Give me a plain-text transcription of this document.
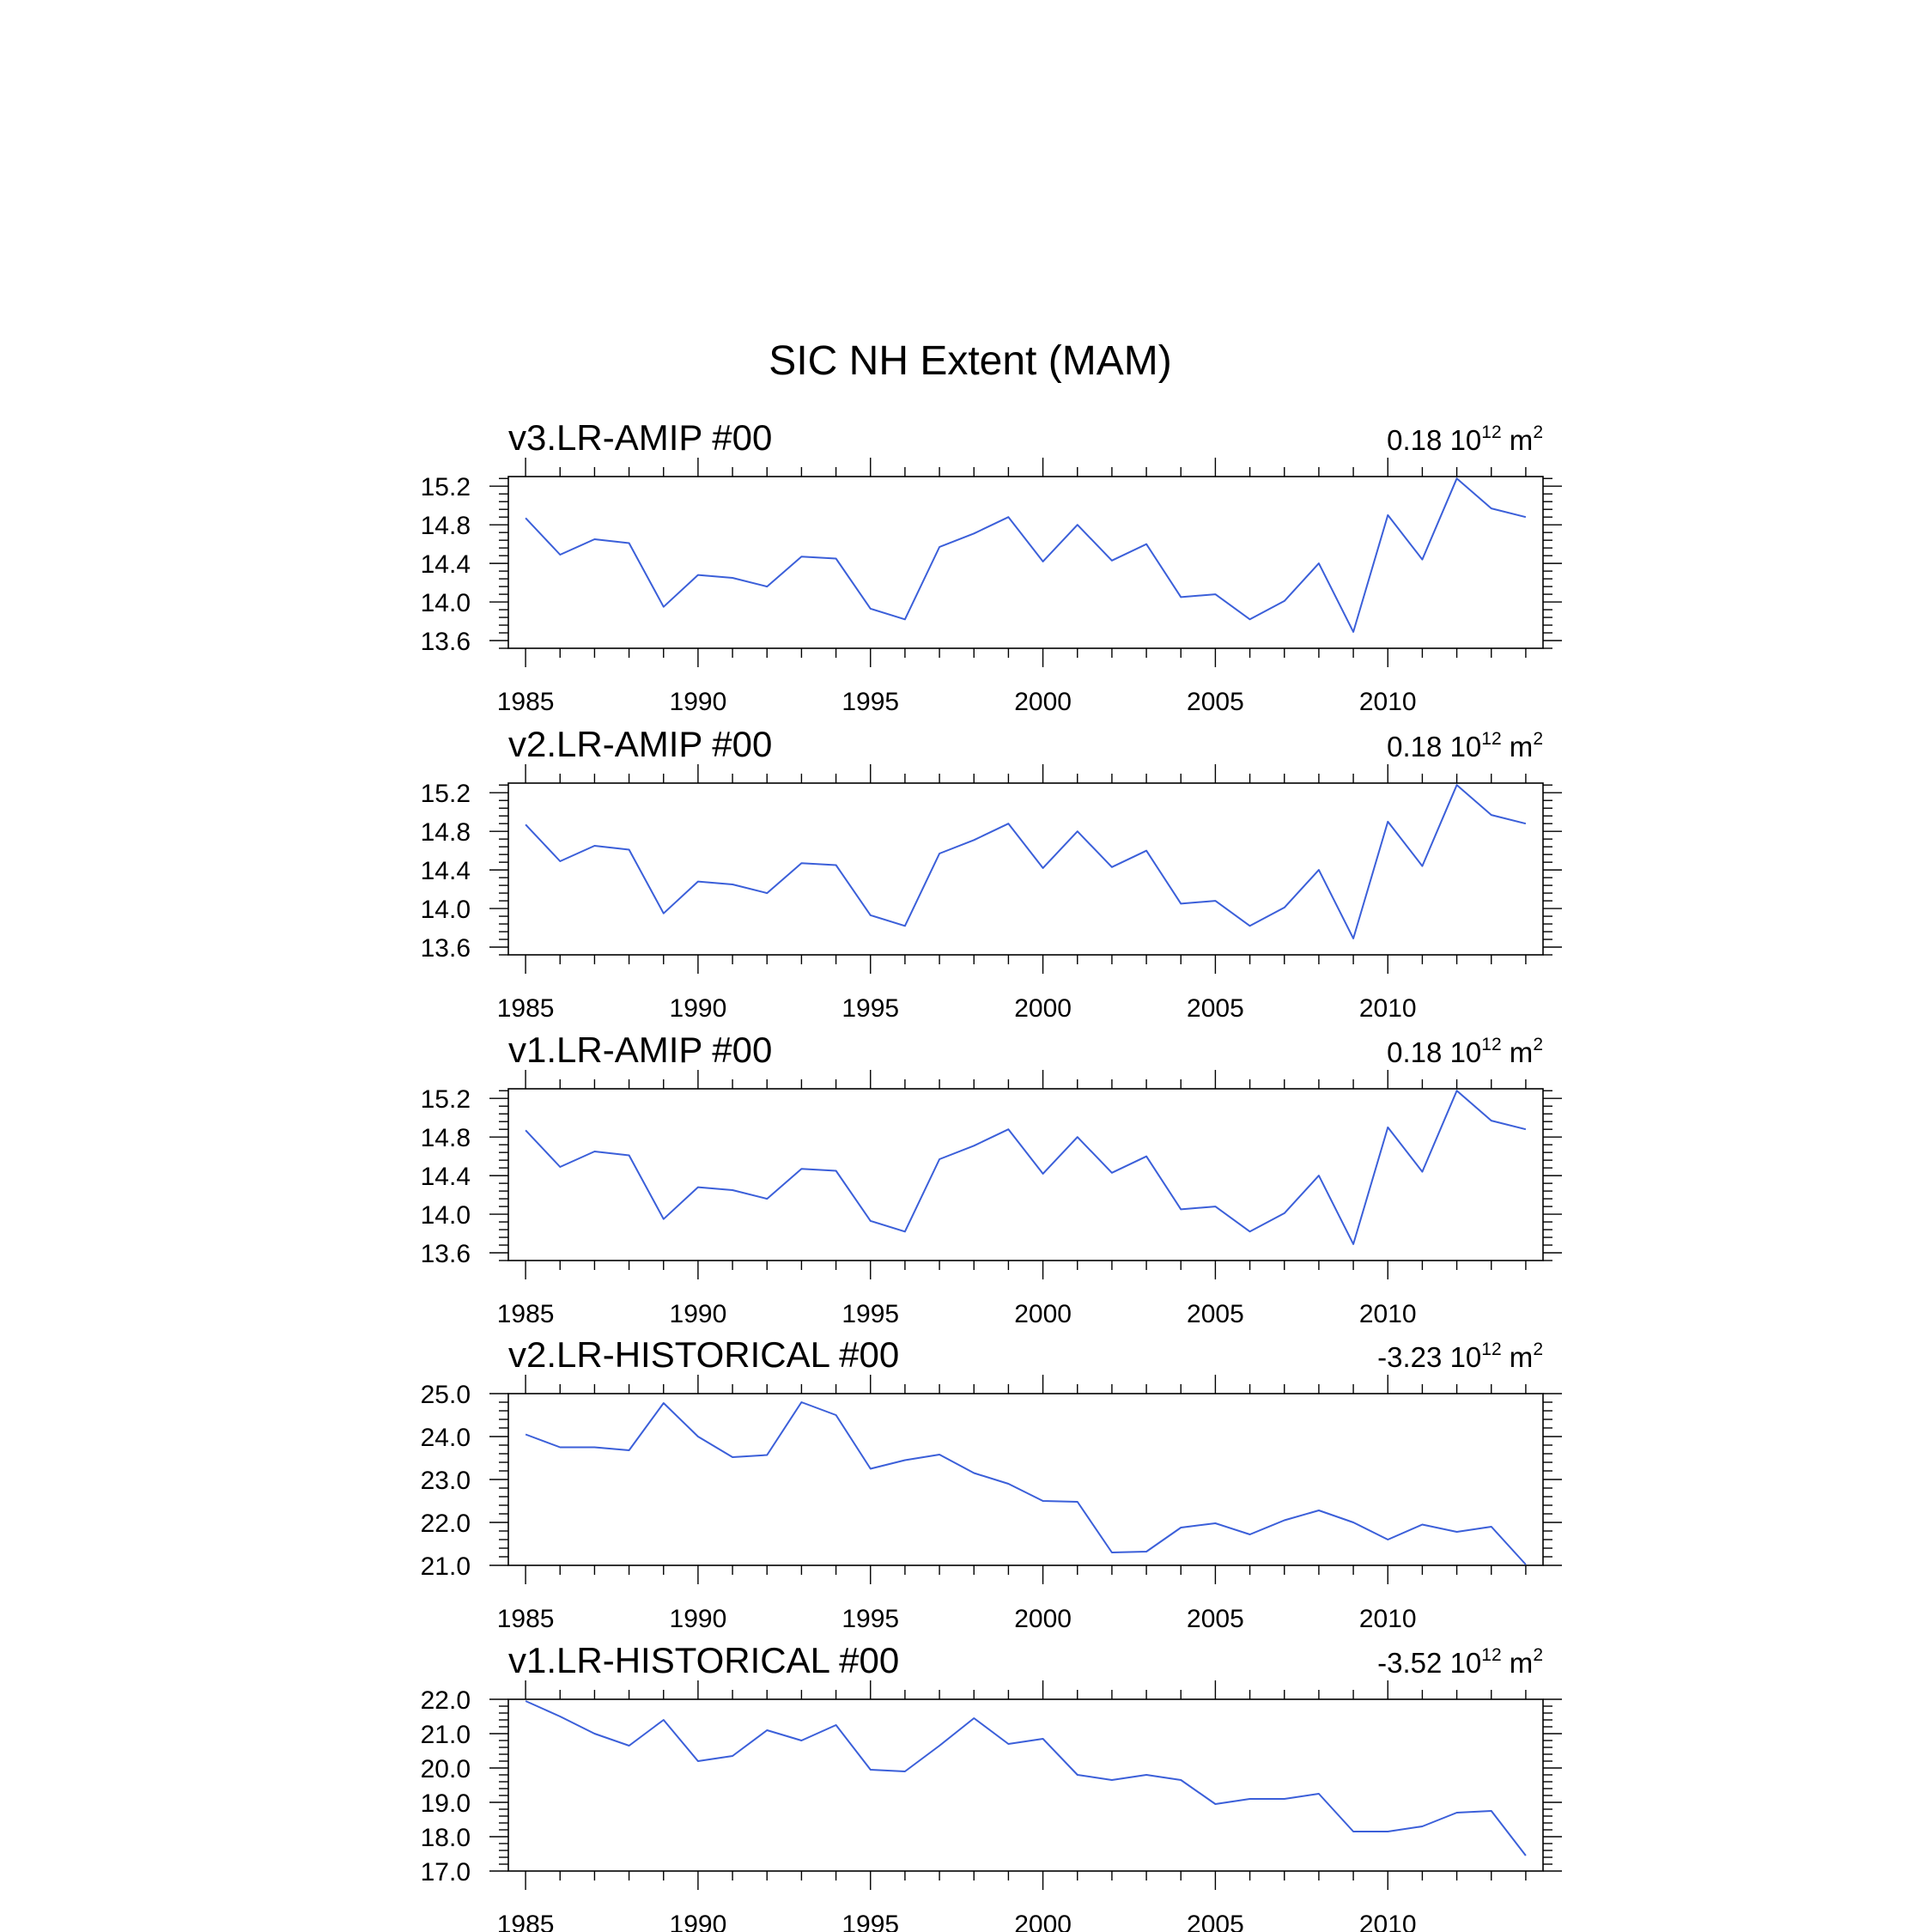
SIC NH Extent (MAM)
v3.LR-AMIP #00	0.18 $10^{12}$ $m^2$
1985	1990	1995	2000	2005	2010
15.2
14.8
14.4
14.0
13.6
v2.LR-AMIP #00	0.18 $10^{12}$ $m^2$
1985	1990	1995	2000	2005	2010
15.2
14.8
14.4
14.0
13.6
v1.LR-AMIP #00	0.18 $10^{12}$ $m^2$
1985	1990	1995	2000	2005	2010
15.2
14.8
14.4
14.0
13.6
v2.LR-HISTORICAL #00	-3.23 $10^{12}$ $m^2$
1985	1990	1995	2000	2005	2010
25.0
24.0
23.0
22.0
21.0
v1.LR-HISTORICAL #00	-3.52 $10^{12}$ $m^2$
1985	1990	1995	2000	2005	2010
22.0
21.0
20.0
19.0
18.0
17.0
